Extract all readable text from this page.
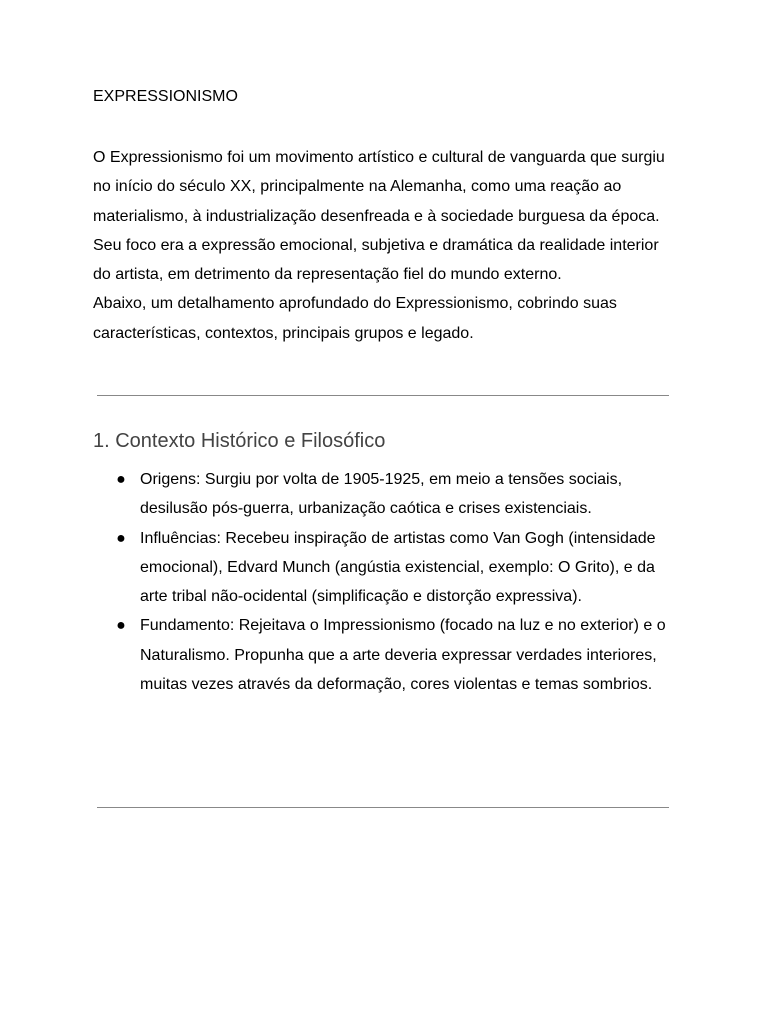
EXPRESSIONISMO

O Expressionismo foi um movimento artístico e cultural de vanguarda que surgiu no início do século XX, principalmente na Alemanha, como uma reação ao materialismo, à industrialização desenfreada e à sociedade burguesa da época. Seu foco era a expressão emocional, subjetiva e dramática da realidade interior do artista, em detrimento da representação fiel do mundo externo.

Abaixo, um detalhamento aprofundado do Expressionismo, cobrindo suas características, contextos, principais grupos e legado.

1. Contexto Histórico e Filosófico
● Origens: Surgiu por volta de 1905-1925, em meio a tensões sociais, desilusão pós-guerra, urbanização caótica e crises existenciais.
● Influências: Recebeu inspiração de artistas como Van Gogh (intensidade emocional), Edvard Munch (angústia existencial, exemplo: O Grito), e da arte tribal não-ocidental (simplificação e distorção expressiva).
● Fundamento: Rejeitava o Impressionismo (focado na luz e no exterior) e o Naturalismo. Propunha que a arte deveria expressar verdades interiores, muitas vezes através da deformação, cores violentas e temas sombrios.
